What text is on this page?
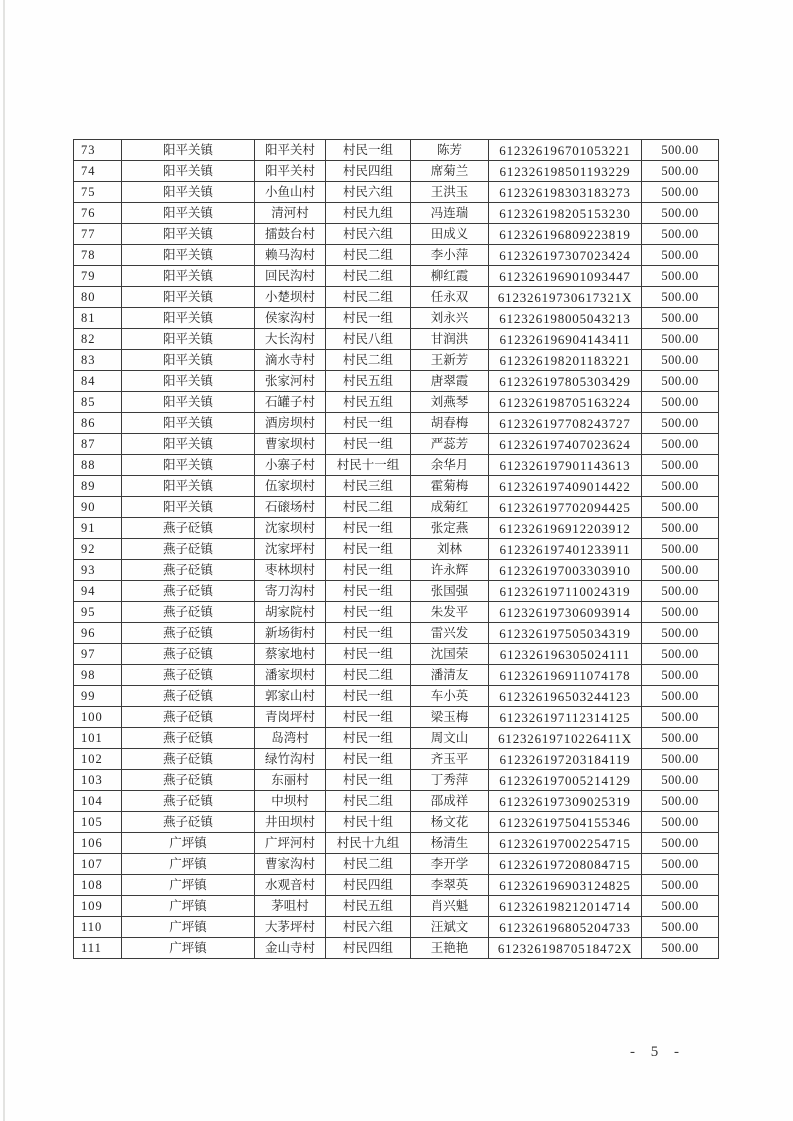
73	阳平关镇	阳平关村	村民一组	陈芳	612326196701053221	500.00
74	阳平关镇	阳平关村	村民四组	席菊兰	612326198501193229	500.00
75	阳平关镇	小鱼山村	村民六组	王洪玉	612326198303183273	500.00
76	阳平关镇	清河村	村民九组	冯连瑞	612326198205153230	500.00
77	阳平关镇	擂鼓台村	村民六组	田成义	612326196809223819	500.00
78	阳平关镇	赖马沟村	村民二组	李小萍	612326197307023424	500.00
79	阳平关镇	回民沟村	村民二组	柳红霞	612326196901093447	500.00
80	阳平关镇	小楚坝村	村民二组	任永双	61232619730617321X	500.00
81	阳平关镇	侯家沟村	村民一组	刘永兴	612326198005043213	500.00
82	阳平关镇	大长沟村	村民八组	甘润洪	612326196904143411	500.00
83	阳平关镇	滴水寺村	村民二组	王新芳	612326198201183221	500.00
84	阳平关镇	张家河村	村民五组	唐翠霞	612326197805303429	500.00
85	阳平关镇	石罐子村	村民五组	刘燕琴	612326198705163224	500.00
86	阳平关镇	酒房坝村	村民一组	胡春梅	612326197708243727	500.00
87	阳平关镇	曹家坝村	村民一组	严蕊芳	612326197407023624	500.00
88	阳平关镇	小寨子村	村民十一组	余华月	612326197901143613	500.00
89	阳平关镇	伍家坝村	村民三组	霍菊梅	612326197409014422	500.00
90	阳平关镇	石磙场村	村民二组	成菊红	612326197702094425	500.00
91	燕子砭镇	沈家坝村	村民一组	张定燕	612326196912203912	500.00
92	燕子砭镇	沈家坪村	村民一组	刘林	612326197401233911	500.00
93	燕子砭镇	枣林坝村	村民一组	许永辉	612326197003303910	500.00
94	燕子砭镇	寄刀沟村	村民一组	张国强	612326197110024319	500.00
95	燕子砭镇	胡家院村	村民一组	朱发平	612326197306093914	500.00
96	燕子砭镇	新场街村	村民一组	雷兴发	612326197505034319	500.00
97	燕子砭镇	蔡家地村	村民一组	沈国荣	612326196305024111	500.00
98	燕子砭镇	潘家坝村	村民二组	潘清友	612326196911074178	500.00
99	燕子砭镇	郭家山村	村民一组	车小英	612326196503244123	500.00
100	燕子砭镇	青岗坪村	村民一组	梁玉梅	612326197112314125	500.00
101	燕子砭镇	岛湾村	村民一组	周文山	61232619710226411X	500.00
102	燕子砭镇	绿竹沟村	村民一组	齐玉平	612326197203184119	500.00
103	燕子砭镇	东丽村	村民一组	丁秀萍	612326197005214129	500.00
104	燕子砭镇	中坝村	村民二组	邵成祥	612326197309025319	500.00
105	燕子砭镇	井田坝村	村民十组	杨文花	612326197504155346	500.00
106	广坪镇	广坪河村	村民十九组	杨清生	612326197002254715	500.00
107	广坪镇	曹家沟村	村民二组	李开学	612326197208084715	500.00
108	广坪镇	水观音村	村民四组	李翠英	612326196903124825	500.00
109	广坪镇	茅咀村	村民五组	肖兴魁	612326198212014714	500.00
110	广坪镇	大茅坪村	村民六组	汪斌文	612326196805204733	500.00
111	广坪镇	金山寺村	村民四组	王艳艳	61232619870518472X	500.00
- 5 -
